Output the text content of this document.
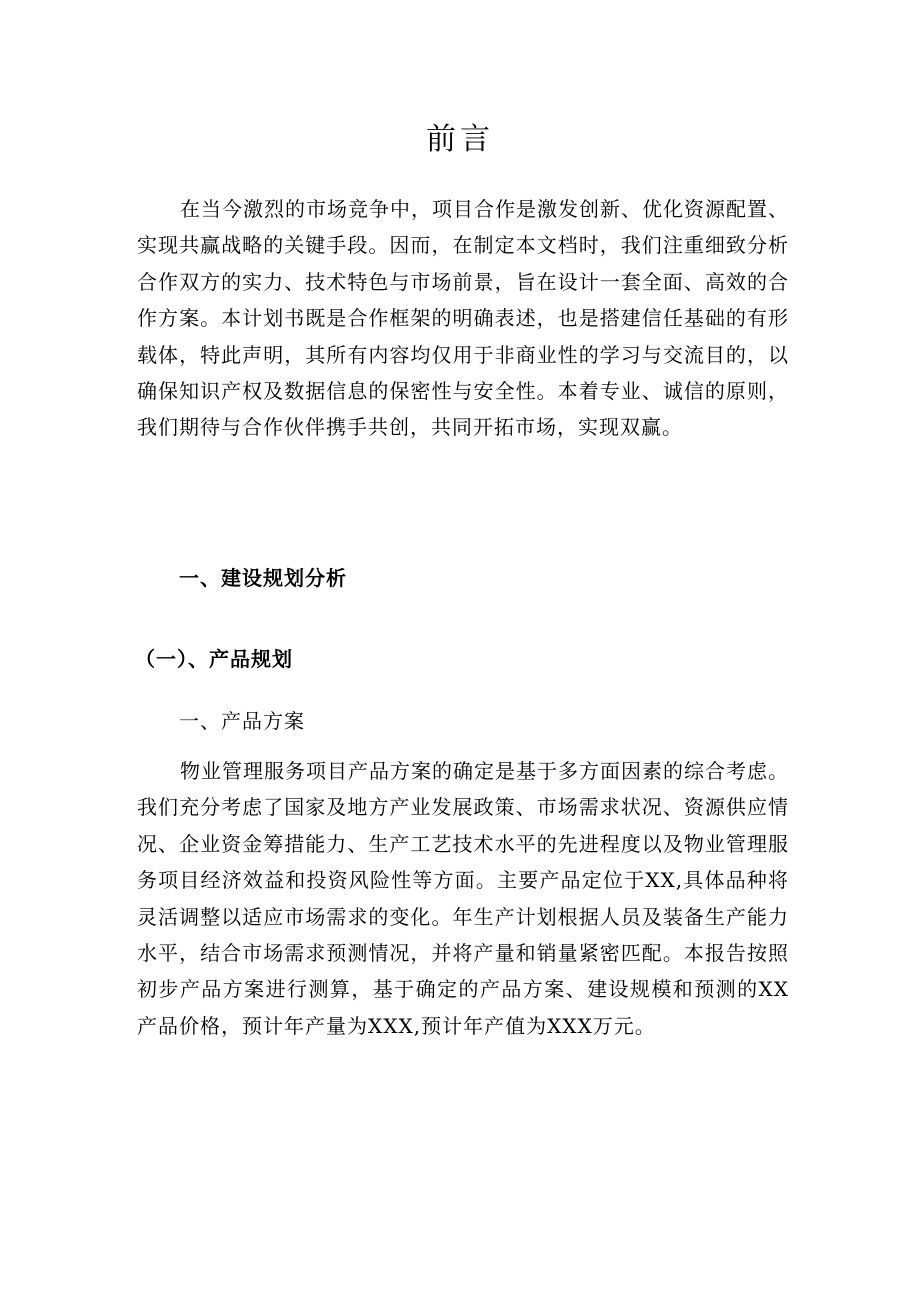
前言

在当今激烈的市场竞争中，项目合作是激发创新、优化资源配置、实现共赢战略的关键手段。因而，在制定本文档时，我们注重细致分析合作双方的实力、技术特色与市场前景，旨在设计一套全面、高效的合作方案。本计划书既是合作框架的明确表述，也是搭建信任基础的有形载体，特此声明，其所有内容均仅用于非商业性的学习与交流目的，以确保知识产权及数据信息的保密性与安全性。本着专业、诚信的原则，我们期待与合作伙伴携手共创，共同开拓市场，实现双赢。

一、建设规划分析
（一）、产品规划
一、产品方案

物业管理服务项目产品方案的确定是基于多方面因素的综合考虑。我们充分考虑了国家及地方产业发展政策、市场需求状况、资源供应情况、企业资金筹措能力、生产工艺技术水平的先进程度以及物业管理服务项目经济效益和投资风险性等方面。主要产品定位于XX,具体品种将灵活调整以适应市场需求的变化。年生产计划根据人员及装备生产能力水平，结合市场需求预测情况，并将产量和销量紧密匹配。本报告按照初步产品方案进行测算，基于确定的产品方案、建设规模和预测的XX产品价格，预计年产量为XXX,预计年产值为XXX万元。
